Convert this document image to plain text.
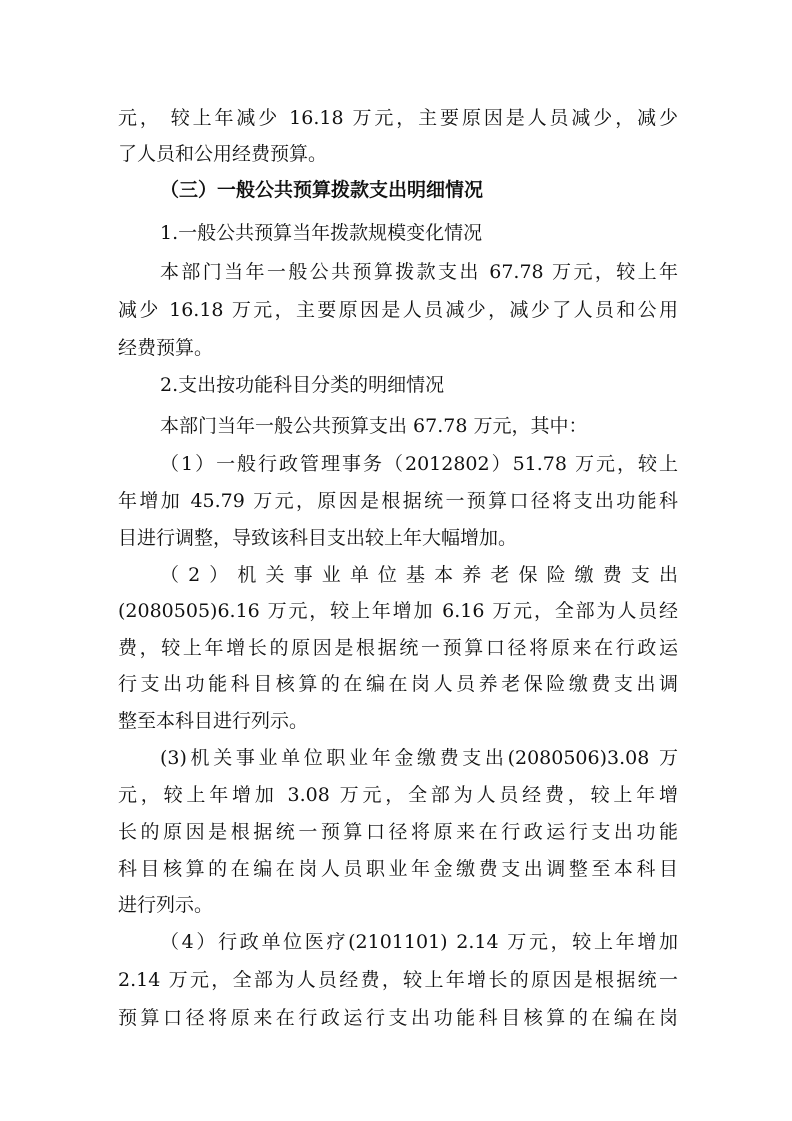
元， 较上年减少 16.18 万元，主要原因是人员减少，减少
了人员和公用经费预算。
（三）一般公共预算拨款支出明细情况
1.一般公共预算当年拨款规模变化情况
本部门当年一般公共预算拨款支出 67.78 万元，较上年
减少 16.18 万元，主要原因是人员减少，减少了人员和公用
经费预算。
2.支出按功能科目分类的明细情况
本部门当年一般公共预算支出 67.78 万元，其中：
（1）一般行政管理事务（2012802）51.78 万元，较上
年增加 45.79 万元，原因是根据统一预算口径将支出功能科
目进行调整，导致该科目支出较上年大幅增加。
（2）机关事业单位基本养老保险缴费支出
(2080505)6.16 万元，较上年增加 6.16 万元，全部为人员经
费，较上年增长的原因是根据统一预算口径将原来在行政运
行支出功能科目核算的在编在岗人员养老保险缴费支出调
整至本科目进行列示。
(3)机关事业单位职业年金缴费支出(2080506)3.08 万
元，较上年增加 3.08 万元，全部为人员经费，较上年增
长的原因是根据统一预算口径将原来在行政运行支出功能
科目核算的在编在岗人员职业年金缴费支出调整至本科目
进行列示。
（4）行政单位医疗(2101101) 2.14 万元，较上年增加
2.14 万元，全部为人员经费，较上年增长的原因是根据统一
预算口径将原来在行政运行支出功能科目核算的在编在岗
